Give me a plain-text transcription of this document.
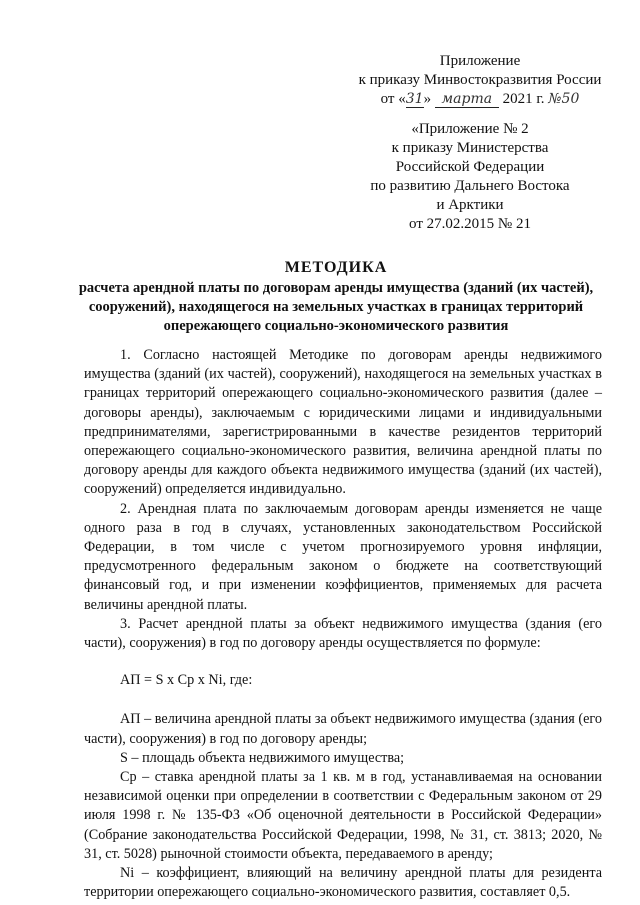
Приложение
к приказу Минвостокразвития России
от «31» марта 2021 г. №50
«Приложение № 2
к приказу Министерства
Российской Федерации
по развитию Дальнего Востока
и Арктики
от 27.02.2015 № 21
МЕТОДИКА
расчета арендной платы по договорам аренды имущества (зданий (их частей), сооружений), находящегося на земельных участках в границах территорий опережающего социально-экономического развития

1. Согласно настоящей Методике по договорам аренды недвижимого имущества (зданий (их частей), сооружений), находящегося на земельных участках в границах территорий опережающего социально-экономического развития (далее – договоры аренды), заключаемым с юридическими лицами и индивидуальными предпринимателями, зарегистрированными в качестве резидентов территорий опережающего социально-экономического развития, величина арендной платы по договору аренды для каждого объекта недвижимого имущества (зданий (их частей), сооружений) определяется индивидуально.

2. Арендная плата по заключаемым договорам аренды изменяется не чаще одного раза в год в случаях, установленных законодательством Российской Федерации, в том числе с учетом прогнозируемого уровня инфляции, предусмотренного федеральным законом о бюджете на соответствующий финансовый год, и при изменении коэффициентов, применяемых для расчета величины арендной платы.

3. Расчет арендной платы за объект недвижимого имущества (здания (его части), сооружения) в год по договору аренды осуществляется по формуле:

АП = S x Ср x Ni, где:

АП – величина арендной платы за объект недвижимого имущества (здания (его части), сооружения) в год по договору аренды;

S – площадь объекта недвижимого имущества;

Ср – ставка арендной платы за 1 кв. м в год, устанавливаемая на основании независимой оценки при определении в соответствии с Федеральным законом от 29 июля 1998 г. № 135-ФЗ «Об оценочной деятельности в Российской Федерации» (Собрание законодательства Российской Федерации, 1998, № 31, ст. 3813; 2020, № 31, ст. 5028) рыночной стоимости объекта, передаваемого в аренду;

Ni – коэффициент, влияющий на величину арендной платы для резидента территории опережающего социально-экономического развития, составляет 0,5.
